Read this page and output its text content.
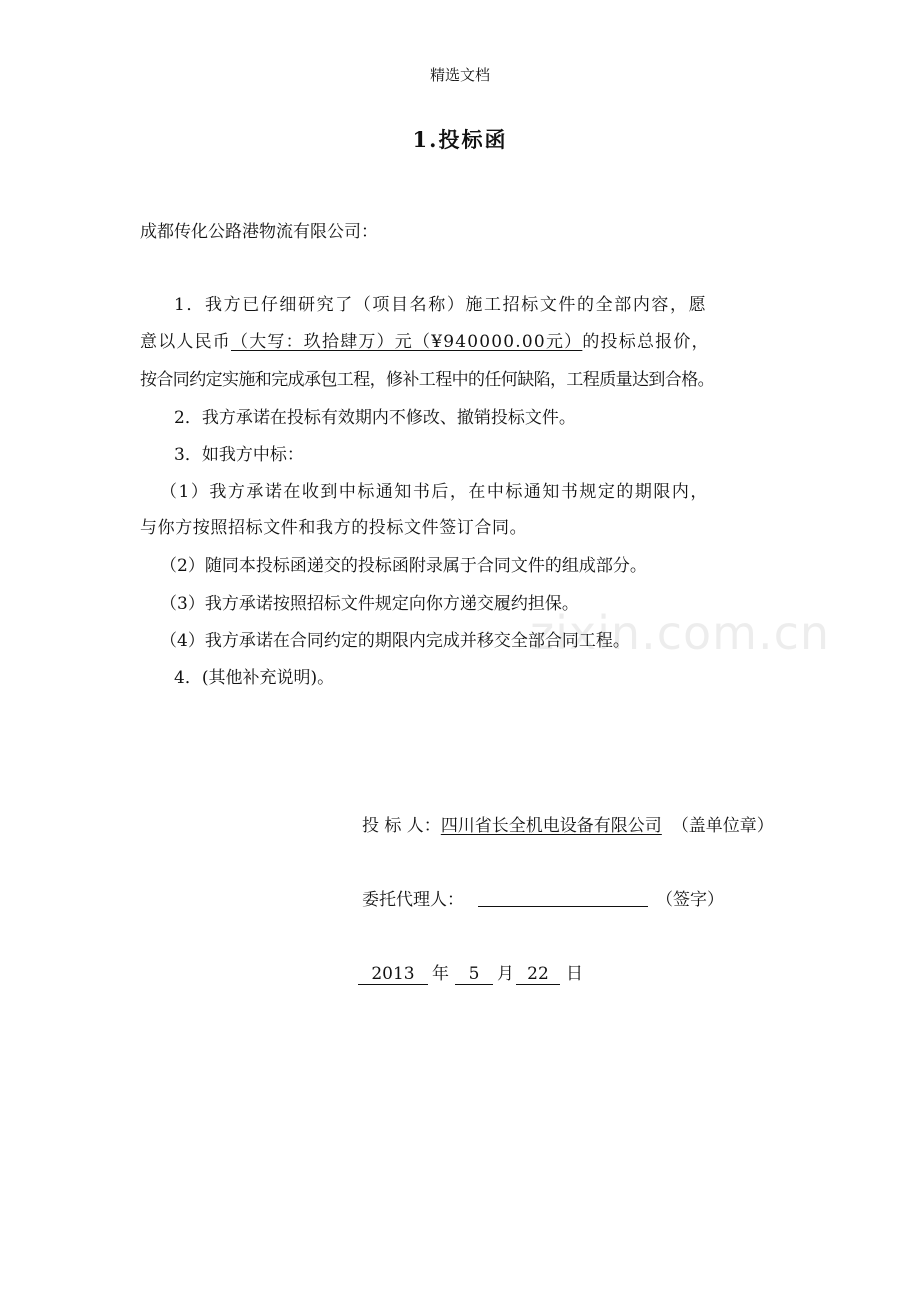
精选文档
1.投标函
成都传化公路港物流有限公司：
1．我方已仔细研究了（项目名称）施工招标文件的全部内容，愿
意以人民币（大写：玖拾肆万）元（¥940000.00元）的投标总报价，
按合同约定实施和完成承包工程，修补工程中的任何缺陷，工程质量达到合格。
2．我方承诺在投标有效期内不修改、撤销投标文件。
3．如我方中标：
（1）我方承诺在收到中标通知书后，在中标通知书规定的期限内，
与你方按照招标文件和我方的投标文件签订合同。
（2）随同本投标函递交的投标函附录属于合同文件的组成部分。
（3）我方承诺按照招标文件规定向你方递交履约担保。
（4）我方承诺在合同约定的期限内完成并移交全部合同工程。
4．(其他补充说明)。
投 标 人：四川省长全机电设备有限公司 （盖单位章）
委托代理人：	（签字）
2013 年 5 月 22 日
zixin.com.cn
